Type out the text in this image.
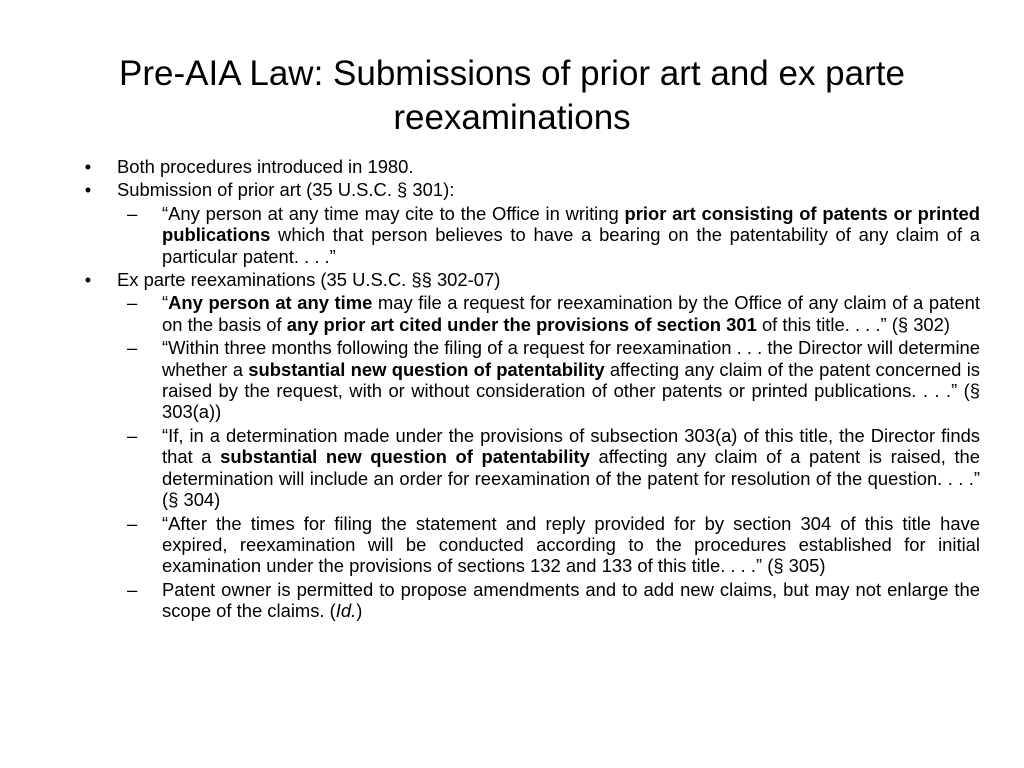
Pre-AIA Law: Submissions of prior art and ex parte reexaminations
•	Both procedures introduced in 1980.
•	Submission of prior art (35 U.S.C. § 301):
– “Any person at any time may cite to the Office in writing prior art consisting of patents or printed publications which that person believes to have a bearing on the patentability of any claim of a particular patent. . . .”
•	Ex parte reexaminations (35 U.S.C. §§ 302-07)
– “Any person at any time may file a request for reexamination by the Office of any claim of a patent on the basis of any prior art cited under the provisions of section 301 of this title. . . .” (§ 302)
– “Within three months following the filing of a request for reexamination . . . the Director will determine whether a substantial new question of patentability affecting any claim of the patent concerned is raised by the request, with or without consideration of other patents or printed publications. . . .” (§ 303(a))
– “If, in a determination made under the provisions of subsection 303(a) of this title, the Director finds that a substantial new question of patentability affecting any claim of a patent is raised, the determination will include an order for reexamination of the patent for resolution of the question. . . .” (§ 304)
– “After the times for filing the statement and reply provided for by section 304 of this title have expired, reexamination will be conducted according to the procedures established for initial examination under the provisions of sections 132 and 133 of this title. . . .” (§ 305)
– Patent owner is permitted to propose amendments and to add new claims, but may not enlarge the scope of the claims. (Id.)
